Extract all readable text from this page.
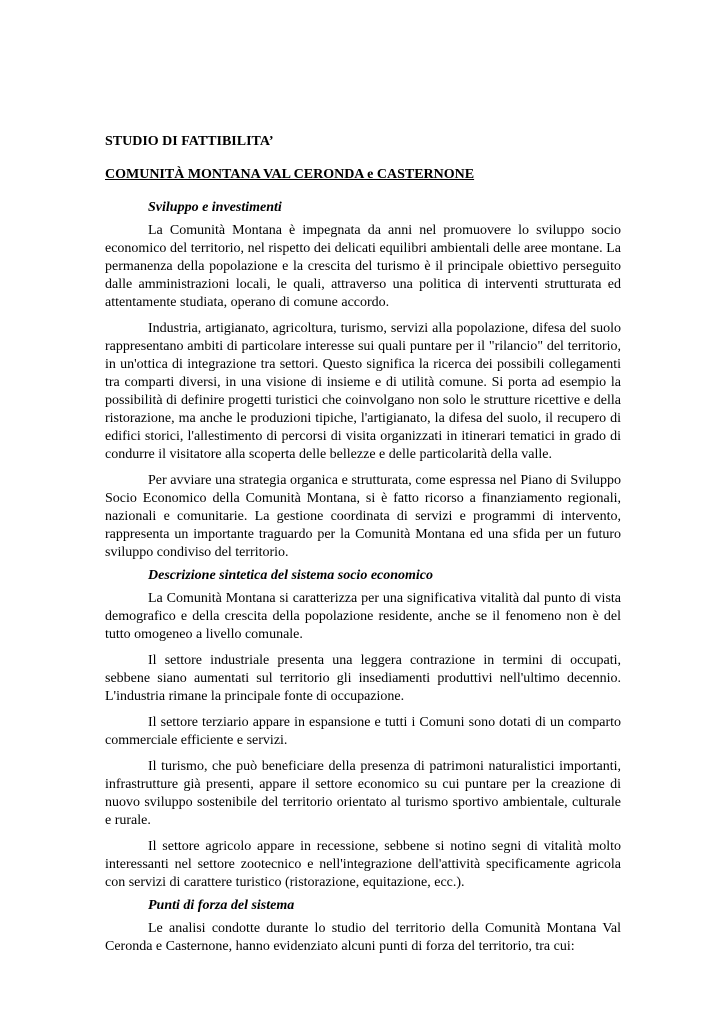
STUDIO DI FATTIBILITA’

COMUNITÀ MONTANA VAL CERONDA e CASTERNONE

Sviluppo e investimenti

La Comunità Montana è impegnata da anni nel promuovere lo sviluppo socio economico del territorio, nel rispetto dei delicati equilibri ambientali delle aree montane. La permanenza della popolazione e la crescita del turismo è il principale obiettivo perseguito dalle amministrazioni locali, le quali, attraverso una politica di interventi strutturata ed attentamente studiata, operano di comune accordo.

Industria, artigianato, agricoltura, turismo, servizi alla popolazione, difesa del suolo rappresentano ambiti di particolare interesse sui quali puntare per il "rilancio" del territorio, in un'ottica di integrazione tra settori. Questo significa la ricerca dei possibili collegamenti tra comparti diversi, in una visione di insieme e di utilità comune. Si porta ad esempio la possibilità di definire progetti turistici che coinvolgano non solo le strutture ricettive e della ristorazione, ma anche le produzioni tipiche, l'artigianato, la difesa del suolo, il recupero di edifici storici, l'allestimento di percorsi di visita organizzati in itinerari tematici in grado di condurre il visitatore alla scoperta delle bellezze e delle particolarità della valle.

Per avviare una strategia organica e strutturata, come espressa nel Piano di Sviluppo Socio Economico della Comunità Montana, si è fatto ricorso a finanziamento regionali, nazionali e comunitarie. La gestione coordinata di servizi e programmi di intervento, rappresenta un importante traguardo per la Comunità Montana ed una sfida per un futuro sviluppo condiviso del territorio.

Descrizione sintetica del sistema socio economico

La Comunità Montana si caratterizza per una significativa vitalità dal punto di vista demografico e della crescita della popolazione residente, anche se il fenomeno non è del tutto omogeneo a livello comunale.

Il settore industriale presenta una leggera contrazione in termini di occupati, sebbene siano aumentati sul territorio gli insediamenti produttivi nell'ultimo decennio. L'industria rimane la principale fonte di occupazione.

Il settore terziario appare in espansione e tutti i Comuni sono dotati di un comparto commerciale efficiente e servizi.

Il turismo, che può beneficiare della presenza di patrimoni naturalistici importanti, infrastrutture già presenti, appare il settore economico su cui puntare per la creazione di nuovo sviluppo sostenibile del territorio orientato al turismo sportivo ambientale, culturale e rurale.

Il settore agricolo appare in recessione, sebbene si notino segni di vitalità molto interessanti nel settore zootecnico e nell'integrazione dell'attività specificamente agricola con servizi di carattere turistico (ristorazione, equitazione, ecc.).

Punti di forza del sistema

Le analisi condotte durante lo studio del territorio della Comunità Montana Val Ceronda e Casternone, hanno evidenziato alcuni punti di forza del territorio, tra cui:
